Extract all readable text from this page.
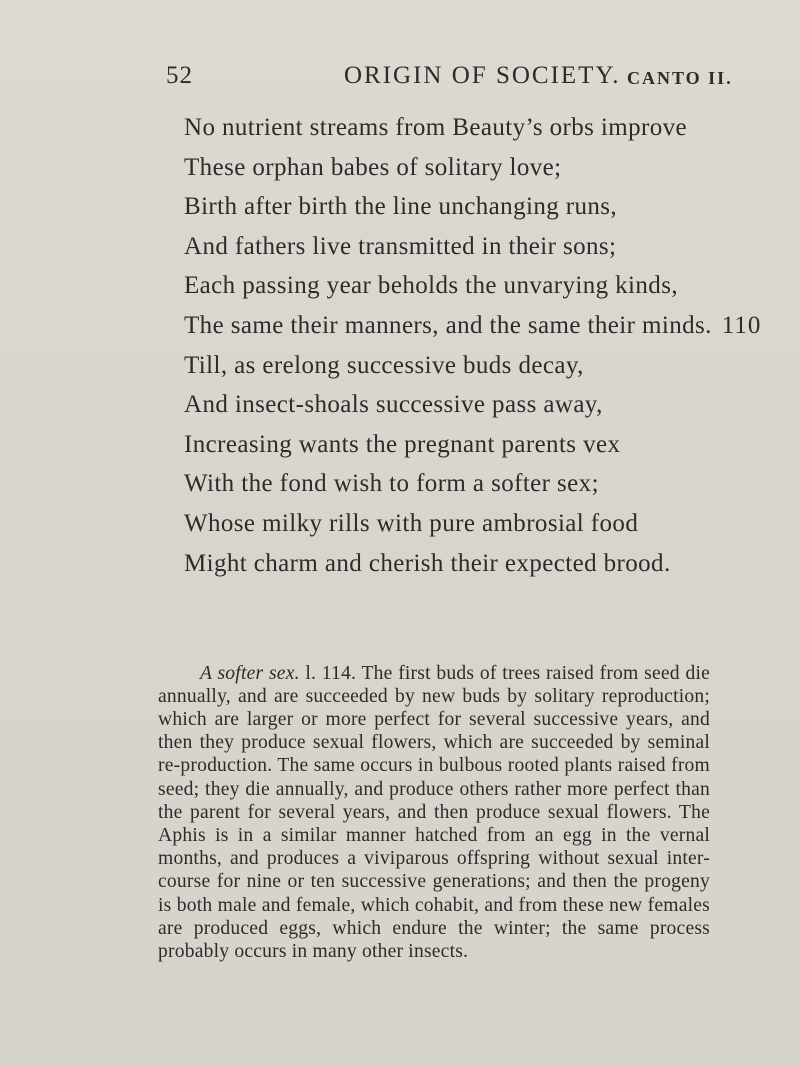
52	ORIGIN OF SOCIETY. CANTO II.
No nutrient streams from Beauty’s orbs improve
These orphan babes of solitary love;
Birth after birth the line unchanging runs,
And fathers live transmitted in their sons;
Each passing year beholds the unvarying kinds,
The same their manners, and the same their minds. 110
Till, as erelong successive buds decay,
And insect-shoals successive pass away,
Increasing wants the pregnant parents vex
With the fond wish to form a softer sex;
Whose milky rills with pure ambrosial food
Might charm and cherish their expected brood.

A softer sex. l. 114. The first buds of trees raised from seed die annually, and are succeeded by new buds by solitary reproduction; which are larger or more perfect for several successive years, and then they produce sexual flowers, which are succeeded by seminal re-production. The same occurs in bulbous rooted plants raised from seed; they die annually, and produce others rather more perfect than the parent for several years, and then produce sexual flowers. The Aphis is in a similar manner hatched from an egg in the vernal months, and produces a viviparous offspring without sexual inter-course for nine or ten successive generations; and then the progeny is both male and female, which cohabit, and from these new females are produced eggs, which endure the winter; the same process probably occurs in many other insects.
